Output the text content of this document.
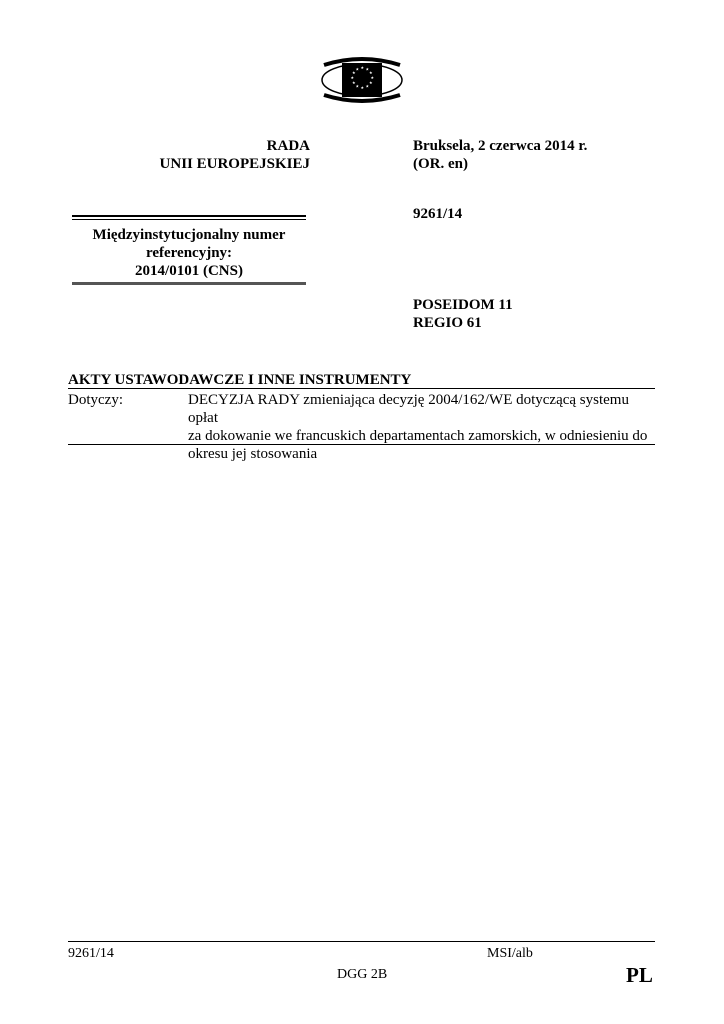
★ ★
★
★
★
★
★
★
★
★
★
★
RADA
UNII EUROPEJSKIEJ
Międzyinstytucjonalny numer
referencyjny:
2014/0101 (CNS)
Bruksela, 2 czerwca 2014 r.
(OR. en)
9261/14
POSEIDOM 11
REGIO 61
AKTY USTAWODAWCZE I INNE INSTRUMENTY
Dotyczy:	DECYZJA RADY zmieniająca decyzję 2004/162/WE dotyczącą systemu opłat
za dokowanie we francuskich departamentach zamorskich, w odniesieniu do
okresu jej stosowania
9261/14	MSI/alb
DGG 2B	PL
